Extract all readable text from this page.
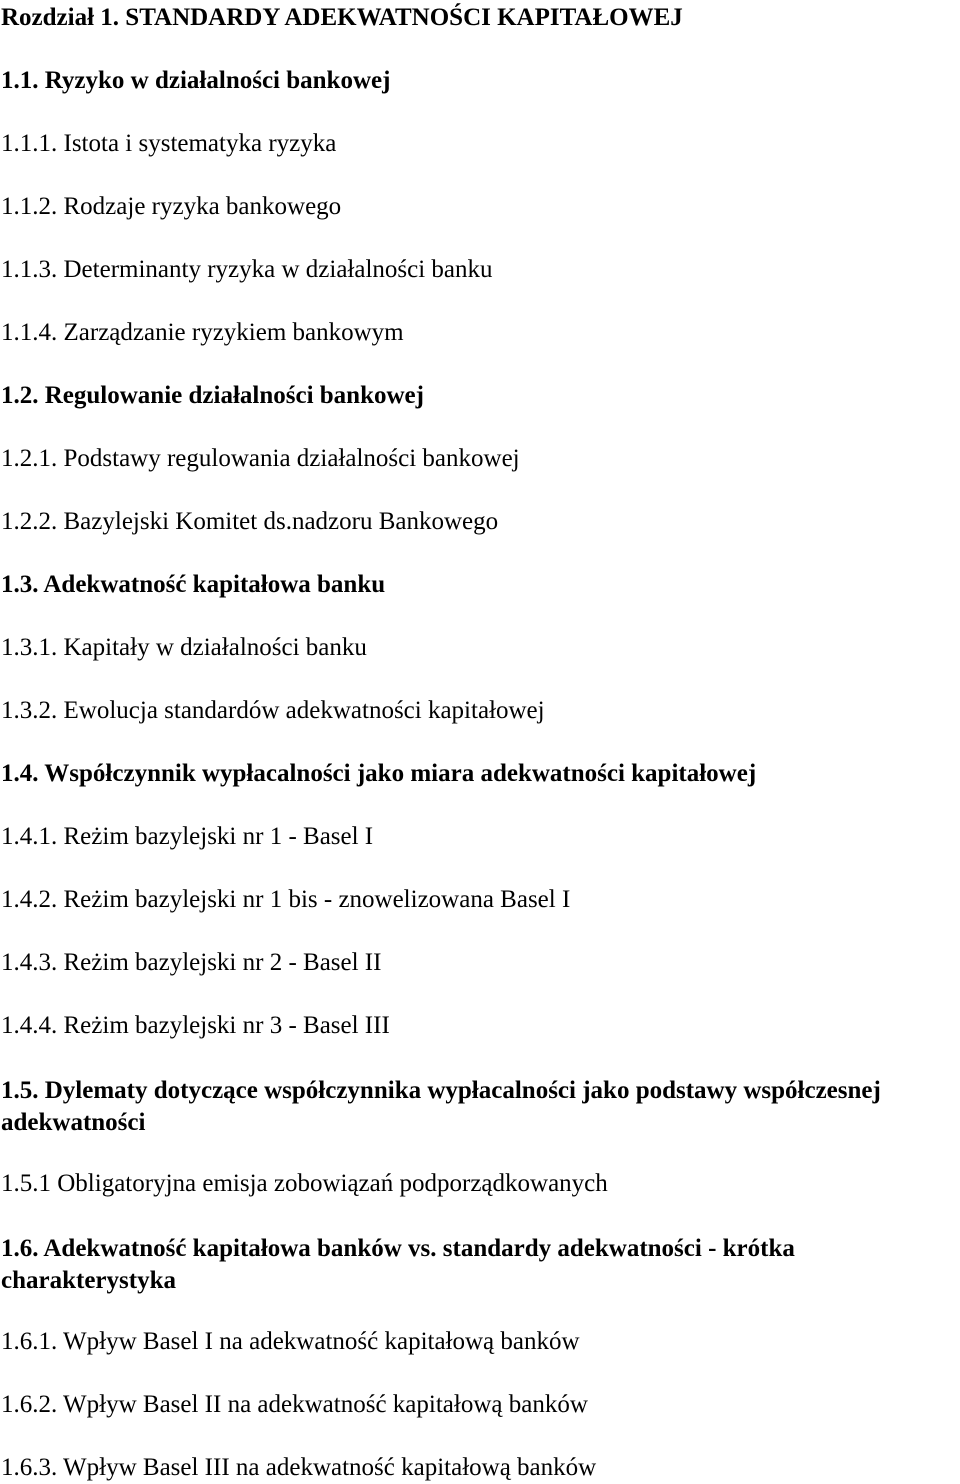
Rozdział 1. STANDARDY ADEKWATNOŚCI KAPITAŁOWEJ
1.1. Ryzyko w działalności bankowej
1.1.1. Istota i systematyka ryzyka
1.1.2. Rodzaje ryzyka bankowego
1.1.3. Determinanty ryzyka w działalności banku
1.1.4. Zarządzanie ryzykiem bankowym
1.2. Regulowanie działalności bankowej
1.2.1. Podstawy regulowania działalności bankowej
1.2.2. Bazylejski Komitet ds.nadzoru Bankowego
1.3. Adekwatność kapitałowa banku
1.3.1. Kapitały w działalności banku
1.3.2. Ewolucja standardów adekwatności kapitałowej
1.4. Współczynnik wypłacalności jako miara adekwatności kapitałowej
1.4.1. Reżim bazylejski nr 1 - Basel I
1.4.2. Reżim bazylejski nr 1 bis - znowelizowana Basel I
1.4.3. Reżim bazylejski nr 2 - Basel II
1.4.4. Reżim bazylejski nr 3 - Basel III
1.5. Dylematy dotyczące współczynnika wypłacalności jako podstawy współczesnej adekwatności
1.5.1 Obligatoryjna emisja zobowiązań podporządkowanych
1.6. Adekwatność kapitałowa banków vs. standardy adekwatności - krótka charakterystyka
1.6.1. Wpływ Basel I na adekwatność kapitałową banków
1.6.2. Wpływ Basel II na adekwatność kapitałową banków
1.6.3. Wpływ Basel III na adekwatność kapitałową banków
